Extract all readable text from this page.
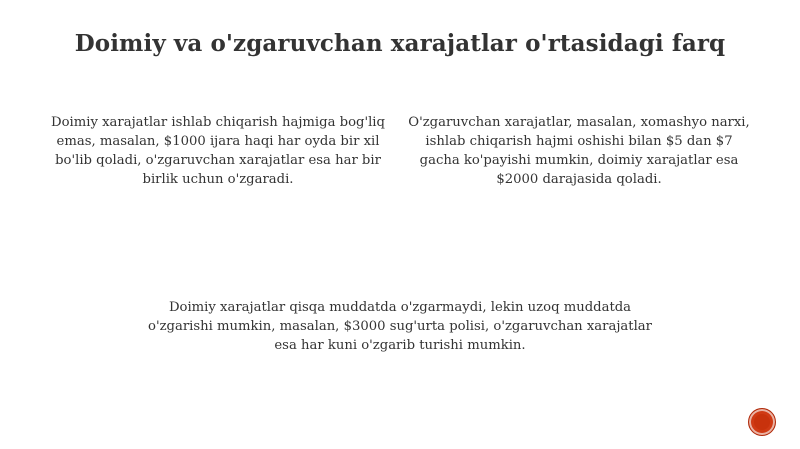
Doimiy va o'zgaruvchan xarajatlar o'rtasidagi farq
Doimiy xarajatlar ishlab chiqarish hajmiga bog'liq emas, masalan, $1000 ijara haqi har oyda bir xil bo'lib qoladi, o'zgaruvchan xarajatlar esa har bir birlik uchun o'zgaradi.
O'zgaruvchan xarajatlar, masalan, xomashyo narxi, ishlab chiqarish hajmi oshishi bilan $5 dan $7 gacha ko'payishi mumkin, doimiy xarajatlar esa $2000 darajasida qoladi.
Doimiy xarajatlar qisqa muddatda o'zgarmaydi, lekin uzoq muddatda o'zgarishi mumkin, masalan, $3000 sug'urta polisi, o'zgaruvchan xarajatlar esa har kuni o'zgarib turishi mumkin.
